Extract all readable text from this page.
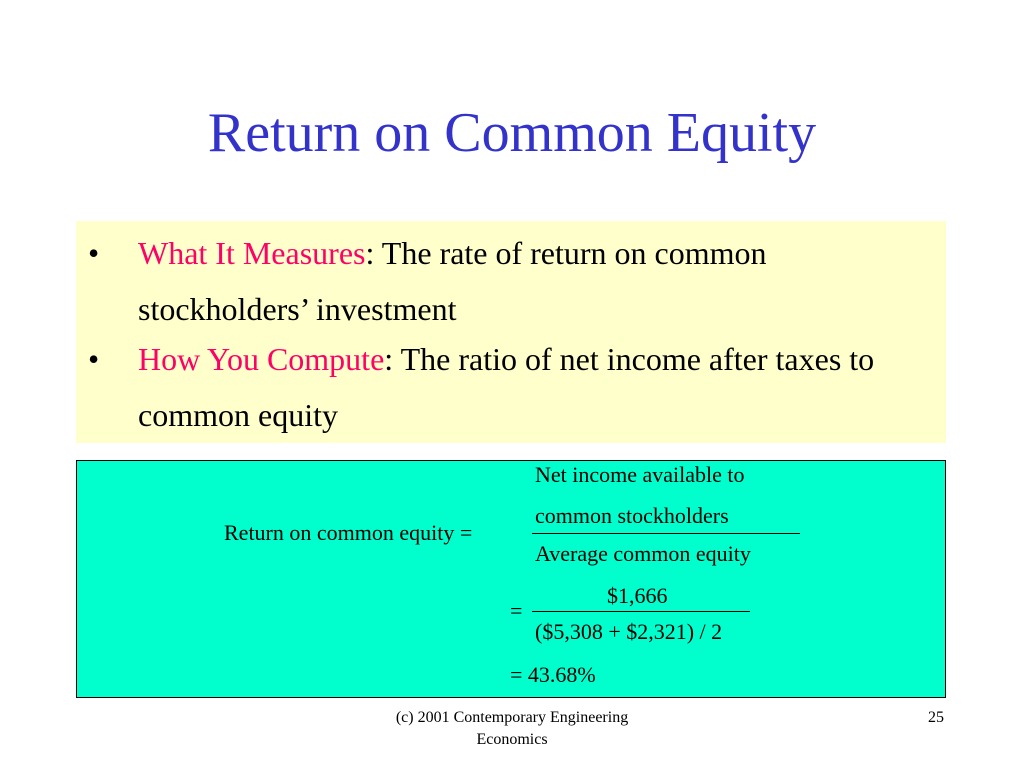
Return on Common Equity
• What It Measures: The rate of return on common stockholders’ investment
• How You Compute: The ratio of net income after taxes to common equity
Net income available to
Return on common equity =
common stockholders
Average common equity
=
$1,666
($5,308 + $2,321) / 2
= 43.68%
(c) 2001 Contemporary Engineering
Economics
25
